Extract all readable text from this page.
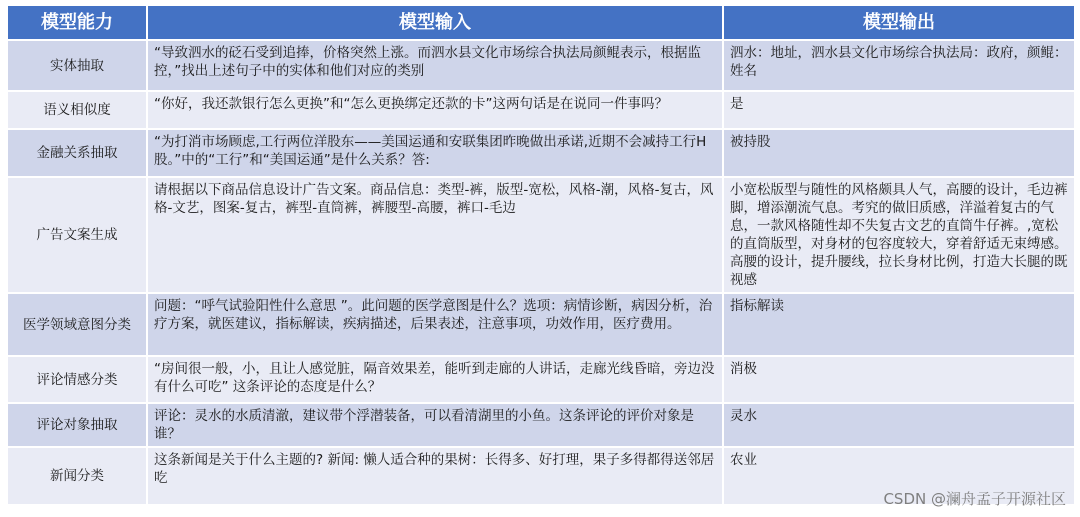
模型能力	模型输入	模型输出
实体抽取	“导致泗水的砭石受到追捧，价格突然上涨。而泗水县文化市场综合执法局颜鲲表示，根据监控，”找出上述句子中的实体和他们对应的类别	泗水：地址，泗水县文化市场综合执法局：政府，颜鲲：姓名
语义相似度	“你好，我还款银行怎么更换”和“怎么更换绑定还款的卡”这两句话是在说同一件事吗？	是
金融关系抽取	“为打消市场顾虑,工行两位洋股东——美国运通和安联集团昨晚做出承诺,近期不会减持工行H股。”中的“工行”和“美国运通”是什么关系？答:	被持股
广告文案生成	请根据以下商品信息设计广告文案。商品信息：类型-裤，版型-宽松，风格-潮，风格-复古，风格-文艺，图案-复古，裤型-直筒裤，裤腰型-高腰，裤口-毛边	小宽松版型与随性的风格颇具人气，高腰的设计，毛边裤脚，增添潮流气息。考究的做旧质感，洋溢着复古的气息，一款风格随性却不失复古文艺的直筒牛仔裤。,宽松的直筒版型，对身材的包容度较大，穿着舒适无束缚感。高腰的设计，提升腰线，拉长身材比例，打造大长腿的既视感
医学领域意图分类	问题：“呼气试验阳性什么意思 ”。此问题的医学意图是什么？选项：病情诊断，病因分析，治疗方案，就医建议，指标解读，疾病描述，后果表述，注意事项，功效作用，医疗费用。	指标解读
评论情感分类	“房间很一般，小，且让人感觉脏，隔音效果差，能听到走廊的人讲话，走廊光线昏暗，旁边没有什么可吃” 这条评论的态度是什么？	消极
评论对象抽取	评论：灵水的水质清澈，建议带个浮潜装备，可以看清湖里的小鱼。这条评论的评价对象是谁？	灵水
新闻分类	这条新闻是关于什么主题的? 新闻: 懒人适合种的果树：长得多、好打理，果子多得都得送邻居吃	农业
CSDN @澜舟孟子开源社区
